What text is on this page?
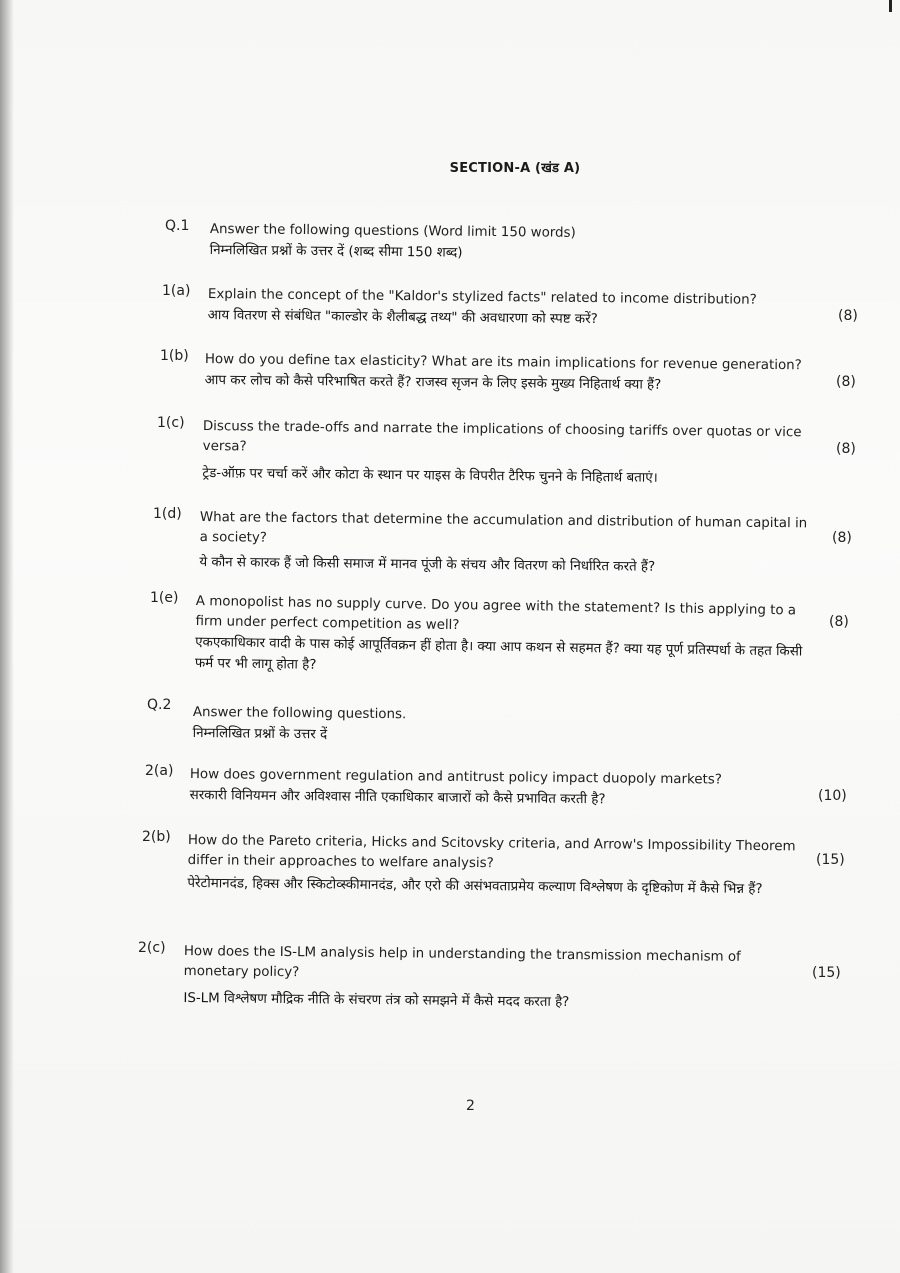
SECTION-A (खंड A)
Q.1 Answer the following questions (Word limit 150 words)
निम्नलिखित प्रश्नों के उत्तर दें (शब्द सीमा 150 शब्द)
1(a) Explain the concept of the "Kaldor's stylized facts" related to income distribution?
आय वितरण से संबंधित "काल्डोर के शैलीबद्ध तथ्य" की अवधारणा को स्पष्ट करें?	(8)
1(b) How do you define tax elasticity? What are its main implications for revenue generation?
आप कर लोच को कैसे परिभाषित करते हैं? राजस्व सृजन के लिए इसके मुख्य निहितार्थ क्या हैं?	(8)
1(c) Discuss the trade-offs and narrate the implications of choosing tariffs over quotas or vice versa?
ट्रेड-ऑफ़ पर चर्चा करें और कोटा के स्थान पर याइस के विपरीत टैरिफ चुनने के निहितार्थ बताएं।
(8)
1(d) What are the factors that determine the accumulation and distribution of human capital in a society?
ये कौन से कारक हैं जो किसी समाज में मानव पूंजी के संचय और वितरण को निर्धारित करते हैं?
(8)
1(e) A monopolist has no supply curve. Do you agree with the statement? Is this applying to a firm under perfect competition as well?
एकएकाधिकार वादी के पास कोई आपूर्तिवक्रन हीं होता है। क्या आप कथन से सहमत हैं? क्या यह पूर्ण प्रतिस्पर्धा के तहत किसी फर्म पर भी लागू होता है?
(8)
Q.2 Answer the following questions.
निम्नलिखित प्रश्नों के उत्तर दें
2(a) How does government regulation and antitrust policy impact duopoly markets?
सरकारी विनियमन और अविश्वास नीति एकाधिकार बाजारों को कैसे प्रभावित करती है?	(10)
2(b) How do the Pareto criteria, Hicks and Scitovsky criteria, and Arrow's Impossibility Theorem differ in their approaches to welfare analysis?
पेरेटोमानदंड, हिक्स और स्किटोव्स्कीमानदंड, और एरो की असंभवताप्रमेय कल्याण विश्लेषण के दृष्टिकोण में कैसे भिन्न हैं?
(15)
2(c) How does the IS-LM analysis help in understanding the transmission mechanism of monetary policy?
IS-LM विश्लेषण मौद्रिक नीति के संचरण तंत्र को समझने में कैसे मदद करता है?
(15)
2
